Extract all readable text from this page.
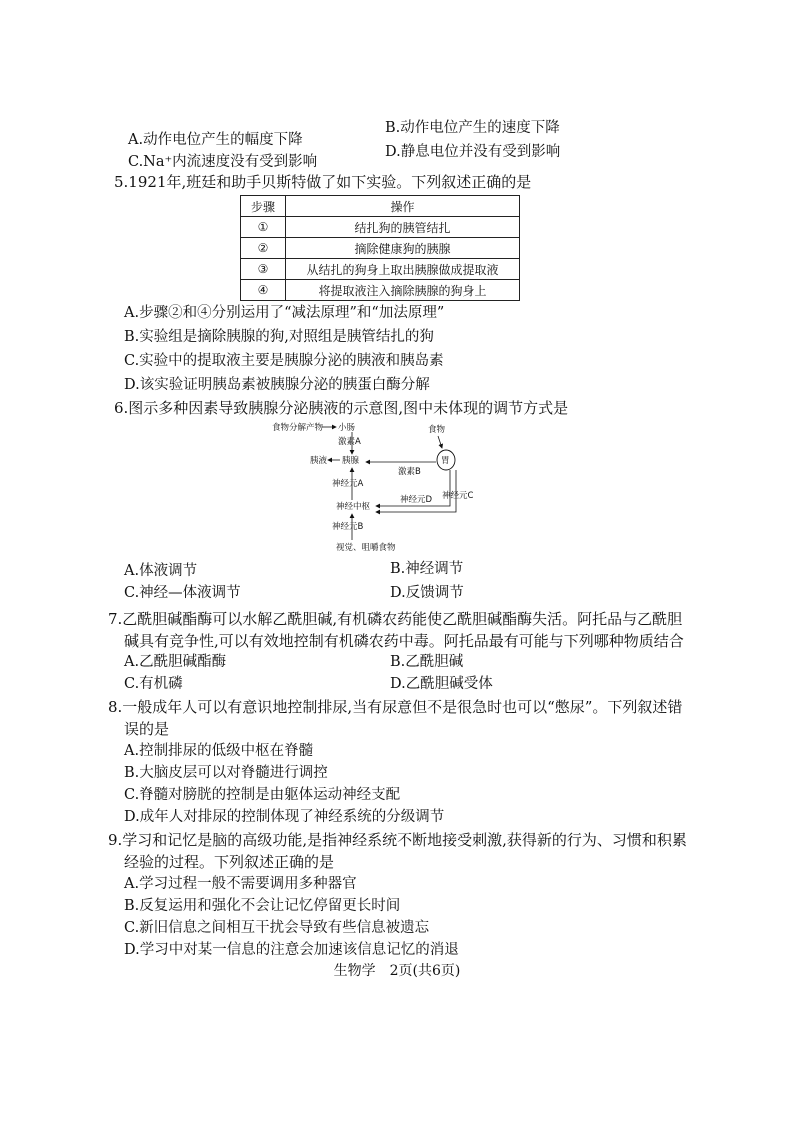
A.动作电位产生的幅度下降
B.动作电位产生的速度下降
C.Na⁺内流速度没有受到影响
D.静息电位并没有受到影响
5.1921年,班廷和助手贝斯特做了如下实验。下列叙述正确的是
步骤	操作
①	结扎狗的胰管结扎
②	摘除健康狗的胰腺
③	从结扎的狗身上取出胰腺做成提取液
④	将提取液注入摘除胰腺的狗身上
A.步骤②和④分别运用了“减法原理”和“加法原理”
B.实验组是摘除胰腺的狗,对照组是胰管结扎的狗
C.实验中的提取液主要是胰腺分泌的胰液和胰岛素
D.该实验证明胰岛素被胰腺分泌的胰蛋白酶分解
6.图示多种因素导致胰腺分泌胰液的示意图,图中未体现的调节方式是
食物分解产物 小肠
激素A
食物
胰液 胰腺	胃
激素B
神经元A
神经中枢
神经元D 神经元C
神经元B
视觉、咀嚼食物
A.体液调节	B.神经调节
C.神经—体液调节	D.反馈调节
7.乙酰胆碱酯酶可以水解乙酰胆碱,有机磷农药能使乙酰胆碱酯酶失活。阿托品与乙酰胆
碱具有竞争性,可以有效地控制有机磷农药中毒。阿托品最有可能与下列哪种物质结合
A.乙酰胆碱酯酶	B.乙酰胆碱
C.有机磷	D.乙酰胆碱受体
8.一般成年人可以有意识地控制排尿,当有尿意但不是很急时也可以“憋尿”。下列叙述错
误的是
A.控制排尿的低级中枢在脊髓
B.大脑皮层可以对脊髓进行调控
C.脊髓对膀胱的控制是由躯体运动神经支配
D.成年人对排尿的控制体现了神经系统的分级调节
9.学习和记忆是脑的高级功能,是指神经系统不断地接受刺激,获得新的行为、习惯和积累
经验的过程。下列叙述正确的是
A.学习过程一般不需要调用多种器官
B.反复运用和强化不会让记忆停留更长时间
C.新旧信息之间相互干扰会导致有些信息被遗忘
D.学习中对某一信息的注意会加速该信息记忆的消退
生物学　2页(共6页)
